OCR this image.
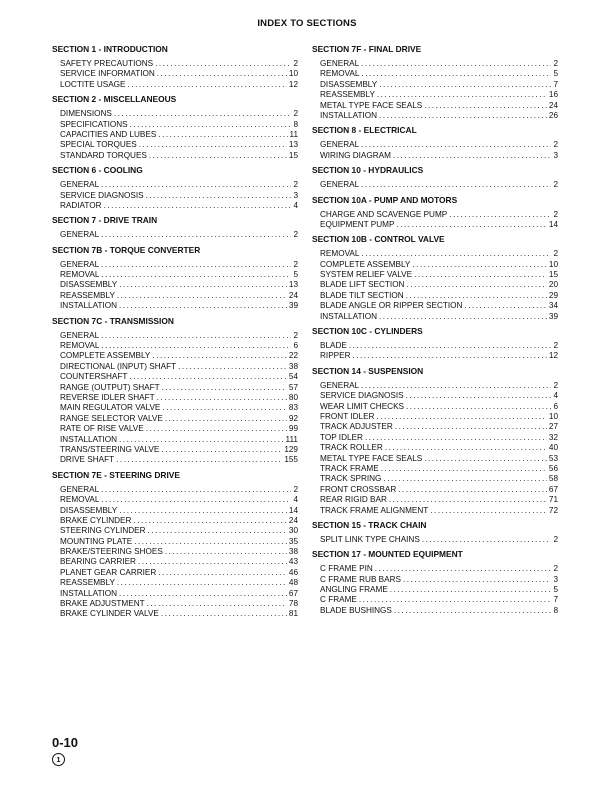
INDEX TO SECTIONS
SECTION 1 - INTRODUCTION
SAFETY PRECAUTIONS .....	2
SERVICE INFORMATION .....	10
LOCTITE USAGE .....	12
SECTION 2 - MISCELLANEOUS
DIMENSIONS .....	2
SPECIFICATIONS .....	8
CAPACITIES AND LUBES .....	11
SPECIAL TORQUES .....	13
STANDARD TORQUES .....	15
SECTION 6 - COOLING
GENERAL .....	2
SERVICE DIAGNOSIS .....	3
RADIATOR .....	4
SECTION 7 - DRIVE TRAIN
GENERAL .....	2
SECTION 7B - TORQUE CONVERTER
GENERAL .....	2
REMOVAL .....	5
DISASSEMBLY .....	13
REASSEMBLY .....	24
INSTALLATION .....	39
SECTION 7C - TRANSMISSION
GENERAL .....	2
REMOVAL .....	6
COMPLETE ASSEMBLY .....	22
DIRECTIONAL (INPUT) SHAFT .....	38
COUNTERSHAFT .....	54
RANGE (OUTPUT) SHAFT .....	57
REVERSE IDLER SHAFT .....	80
MAIN REGULATOR VALVE .....	83
RANGE SELECTOR VALVE .....	92
RATE OF RISE VALVE .....	99
INSTALLATION .....	111
TRANS/STEERING VALVE .....	129
DRIVE SHAFT .....	155
SECTION 7E - STEERING DRIVE
GENERAL .....	2
REMOVAL .....	4
DISASSEMBLY .....	14
BRAKE CYLINDER .....	24
STEERING CYLINDER .....	30
MOUNTING PLATE .....	35
BRAKE/STEERING SHOES .....	38
BEARING CARRIER .....	43
PLANET GEAR CARRIER .....	46
REASSEMBLY .....	48
INSTALLATION .....	67
BRAKE ADJUSTMENT .....	78
BRAKE CYLINDER VALVE .....	81
SECTION 7F - FINAL DRIVE
GENERAL .....	2
REMOVAL .....	5
DISASSEMBLY .....	7
REASSEMBLY .....	16
METAL TYPE FACE SEALS .....	24
INSTALLATION .....	26
SECTION 8 - ELECTRICAL
GENERAL .....	2
WIRING DIAGRAM .....	3
SECTION 10 - HYDRAULICS
GENERAL .....	2
SECTION 10A - PUMP AND MOTORS
CHARGE AND SCAVENGE PUMP .....	2
EQUIPMENT PUMP .....	14
SECTION 10B - CONTROL VALVE
REMOVAL .....	2
COMPLETE ASSEMBLY .....	10
SYSTEM RELIEF VALVE .....	15
BLADE LIFT SECTION .....	20
BLADE TILT SECTION .....	29
BLADE ANGLE OR RIPPER SECTION .....	34
INSTALLATION .....	39
SECTION 10C - CYLINDERS
BLADE .....	2
RIPPER .....	12
SECTION 14 - SUSPENSION
GENERAL .....	2
SERVICE DIAGNOSIS .....	4
WEAR LIMIT CHECKS .....	6
FRONT IDLER .....	10
TRACK ADJUSTER .....	27
TOP IDLER .....	32
TRACK ROLLER .....	40
METAL TYPE FACE SEALS .....	53
TRACK FRAME .....	56
TRACK SPRING .....	58
FRONT CROSSBAR .....	67
REAR RIGID BAR .....	71
TRACK FRAME ALIGNMENT .....	72
SECTION 15 - TRACK CHAIN
SPLIT LINK TYPE CHAINS .....	2
SECTION 17 - MOUNTED EQUIPMENT
C FRAME PIN .....	2
C FRAME RUB BARS .....	3
ANGLING FRAME .....	5
C FRAME .....	7
BLADE BUSHINGS .....	8
0-10
1
